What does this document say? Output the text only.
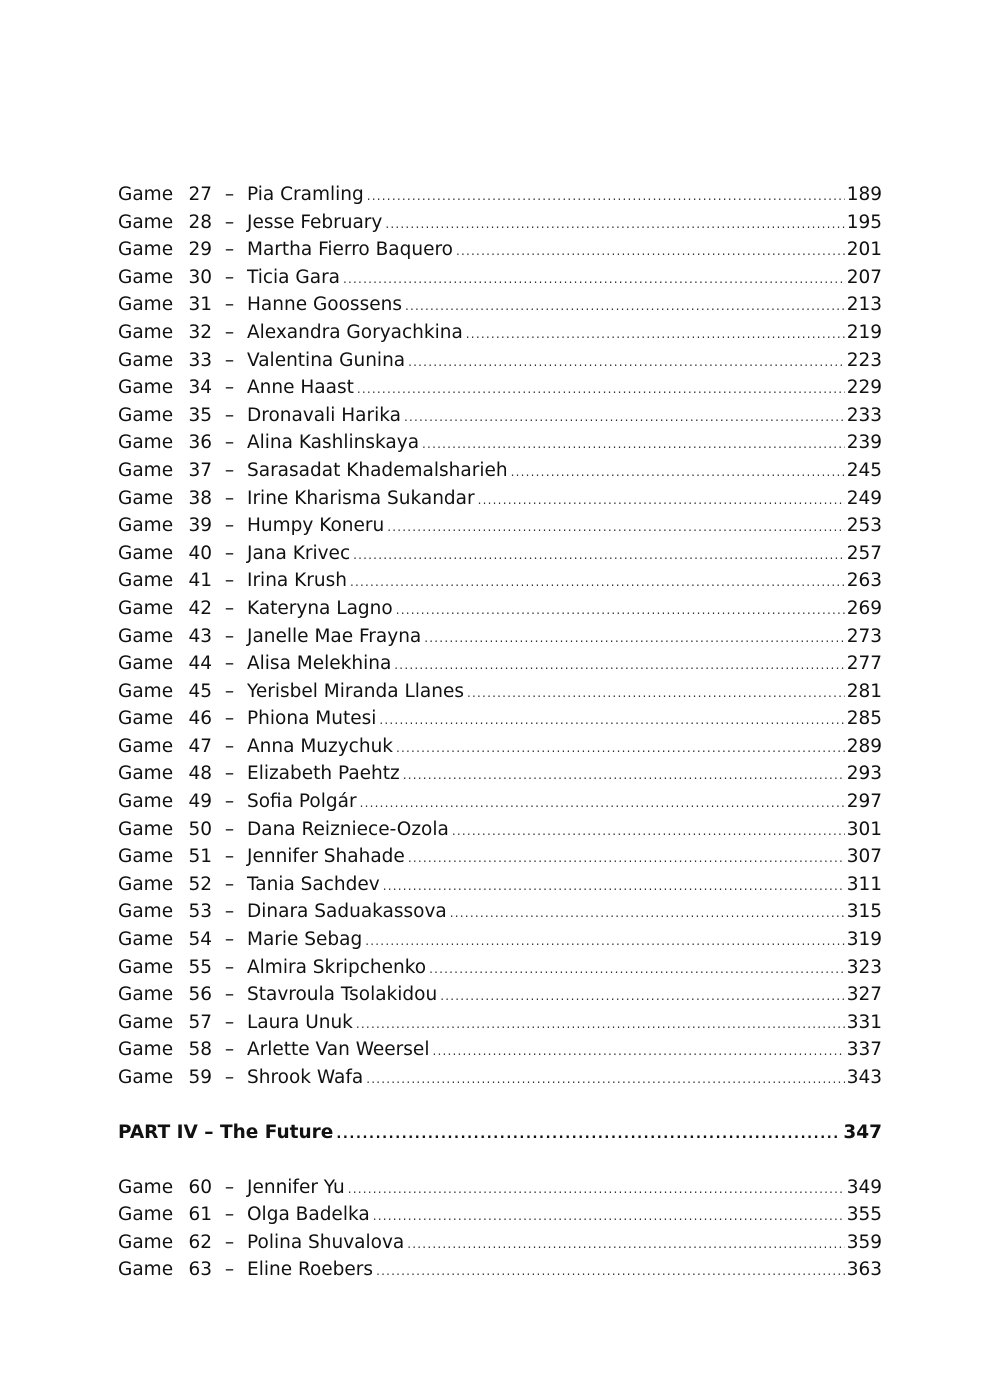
Game 27 – Pia Cramling .....	189
Game 28 – Jesse February .....	195
Game 29 – Martha Fierro Baquero .....	201
Game 30 – Ticia Gara .....	207
Game 31 – Hanne Goossens .....	213
Game 32 – Alexandra Goryachkina .....	219
Game 33 – Valentina Gunina .....	223
Game 34 – Anne Haast .....	229
Game 35 – Dronavali Harika .....	233
Game 36 – Alina Kashlinskaya .....	239
Game 37 – Sarasadat Khademalsharieh .....	245
Game 38 – Irine Kharisma Sukandar .....	249
Game 39 – Humpy Koneru .....	253
Game 40 – Jana Krivec .....	257
Game 41 – Irina Krush .....	263
Game 42 – Kateryna Lagno .....	269
Game 43 – Janelle Mae Frayna .....	273
Game 44 – Alisa Melekhina .....	277
Game 45 – Yerisbel Miranda Llanes .....	281
Game 46 – Phiona Mutesi .....	285
Game 47 – Anna Muzychuk .....	289
Game 48 – Elizabeth Paehtz .....	293
Game 49 – Sofia Polgár .....	297
Game 50 – Dana Reizniece-Ozola .....	301
Game 51 – Jennifer Shahade .....	307
Game 52 – Tania Sachdev .....	311
Game 53 – Dinara Saduakassova .....	315
Game 54 – Marie Sebag .....	319
Game 55 – Almira Skripchenko .....	323
Game 56 – Stavroula Tsolakidou .....	327
Game 57 – Laura Unuk .....	331
Game 58 – Arlette Van Weersel .....	337
Game 59 – Shrook Wafa .....	343
PART IV – The Future .....	347
Game 60 – Jennifer Yu .....	349
Game 61 – Olga Badelka .....	355
Game 62 – Polina Shuvalova .....	359
Game 63 – Eline Roebers .....	363
